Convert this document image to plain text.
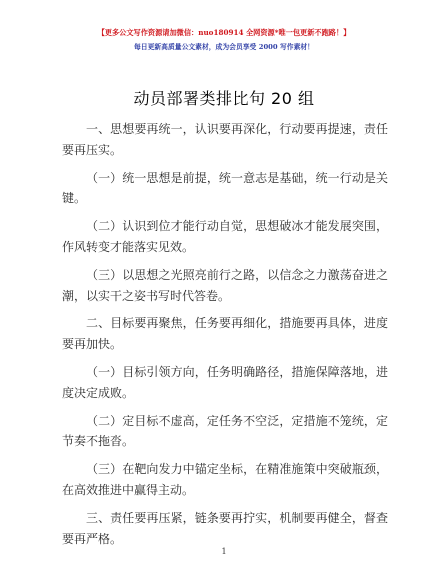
【更多公文写作资源请加微信：nuo180914 全网资源*唯一包更新不跑路！】
每日更新高质量公文素材，成为会员享受 2000 写作素材！
动员部署类排比句 20 组

一、思想要再统一，认识要再深化，行动要再提速，责任要再压实。

（一）统一思想是前提，统一意志是基础，统一行动是关键。

（二）认识到位才能行动自觉，思想破冰才能发展突围，作风转变才能落实见效。

（三）以思想之光照亮前行之路，以信念之力激荡奋进之潮，以实干之姿书写时代答卷。

二、目标要再聚焦，任务要再细化，措施要再具体，进度要再加快。

（一）目标引领方向，任务明确路径，措施保障落地，进度决定成败。

（二）定目标不虚高，定任务不空泛，定措施不笼统，定节奏不拖沓。

（三）在靶向发力中锚定坐标，在精准施策中突破瓶颈，在高效推进中赢得主动。

三、责任要再压紧，链条要再拧实，机制要再健全，督查要再严格。

1
